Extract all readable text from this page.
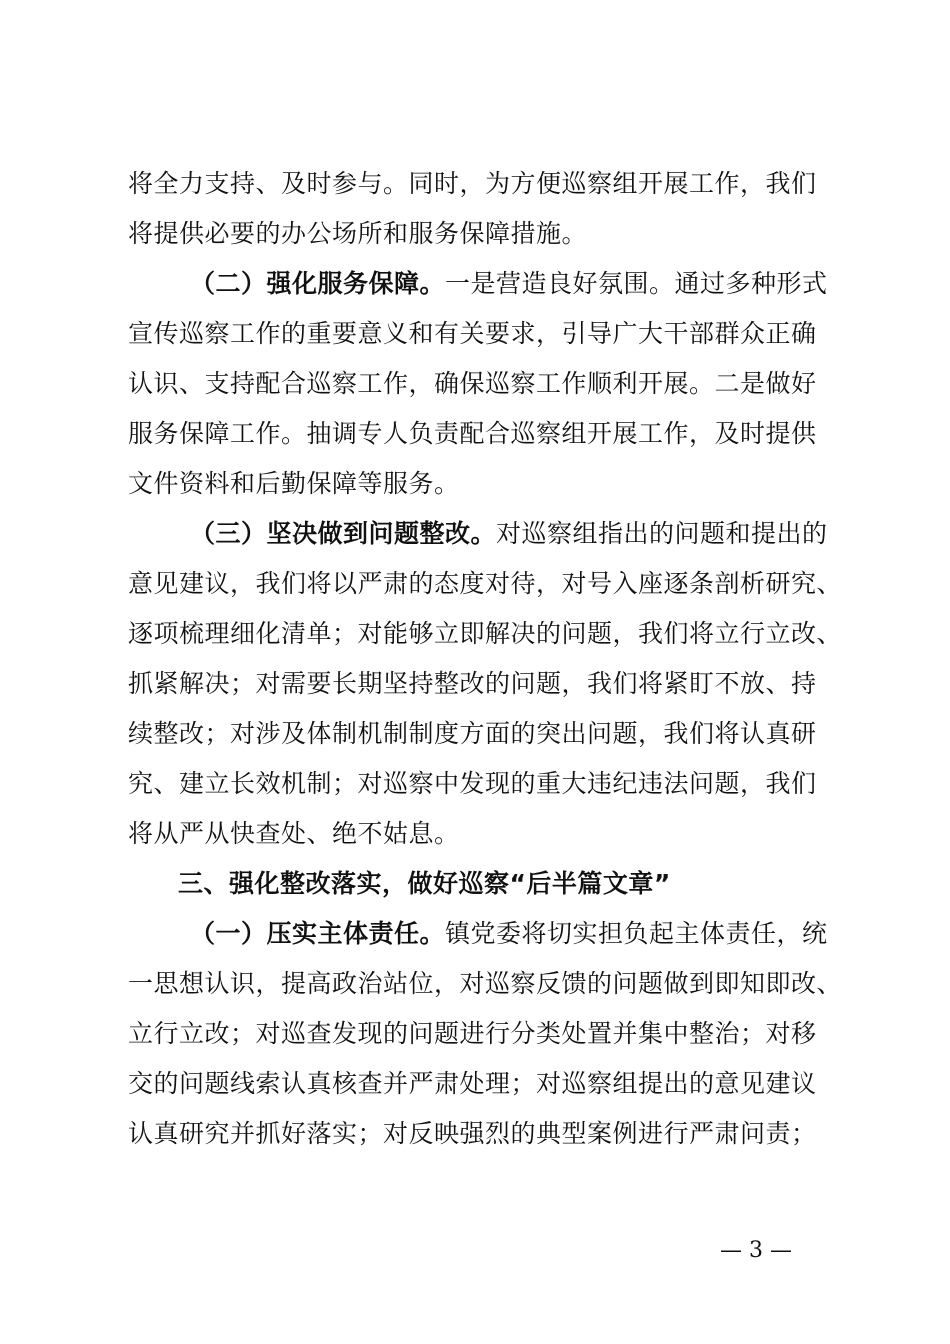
将全力支持、及时参与。同时，为方便巡察组开展工作，我们
将提供必要的办公场所和服务保障措施。
（二）强化服务保障。一是营造良好氛围。通过多种形式
宣传巡察工作的重要意义和有关要求，引导广大干部群众正确
认识、支持配合巡察工作，确保巡察工作顺利开展。二是做好
服务保障工作。抽调专人负责配合巡察组开展工作，及时提供
文件资料和后勤保障等服务。
（三）坚决做到问题整改。对巡察组指出的问题和提出的
意见建议，我们将以严肃的态度对待，对号入座逐条剖析研究、
逐项梳理细化清单；对能够立即解决的问题，我们将立行立改、
抓紧解决；对需要长期坚持整改的问题，我们将紧盯不放、持
续整改；对涉及体制机制制度方面的突出问题，我们将认真研
究、建立长效机制；对巡察中发现的重大违纪违法问题，我们
将从严从快查处、绝不姑息。
三、强化整改落实，做好巡察“后半篇文章”
（一）压实主体责任。镇党委将切实担负起主体责任，统
一思想认识，提高政治站位，对巡察反馈的问题做到即知即改、
立行立改；对巡查发现的问题进行分类处置并集中整治；对移
交的问题线索认真核查并严肃处理；对巡察组提出的意见建议
认真研究并抓好落实；对反映强烈的典型案例进行严肃问责；
— 3 —
